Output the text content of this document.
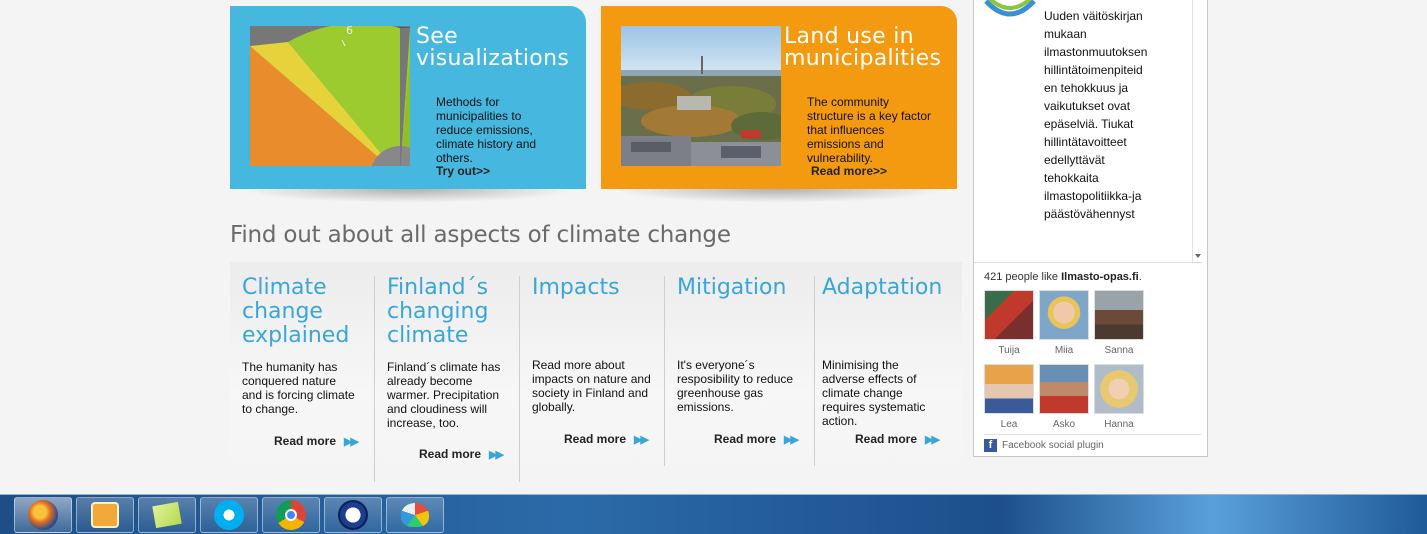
6	See
visualizations
Methods for municipalities to reduce emissions, climate history and others.
Try out>>
Land use in
municipalities
The community structure is a key factor that influences emissions and vulnerability.
Read more>>
Find out about all aspects of climate change
Climate change explained
The humanity has conquered nature and is forcing climate to change.
Read more ▶▶
Finland´s changing climate
Finland´s climate has already become warmer. Precipitation and cloudiness will increase, too.
Read more ▶▶
Impacts
Read more about impacts on nature and society in Finland and globally.
Read more ▶▶
Mitigation
It's everyone´s resposibility to reduce greenhouse gas emissions.
Read more ▶▶
Adaptation
Minimising the adverse effects of climate change requires systematic action.
Read more ▶▶
Uuden väitöskirjan mukaan ilmastonmuutoksen hillintätoimenpiteiden tehokkuus ja vaikutukset ovat epäselviä. Tiukat hillintätavoitteet edellyttävät tehokkaita ilmastopolitiikka-ja päästövähennyst
421 people like Ilmasto-opas.fi.
Tuija	Miia	Sanna
Lea	Asko	Hanna
f Facebook social plugin
